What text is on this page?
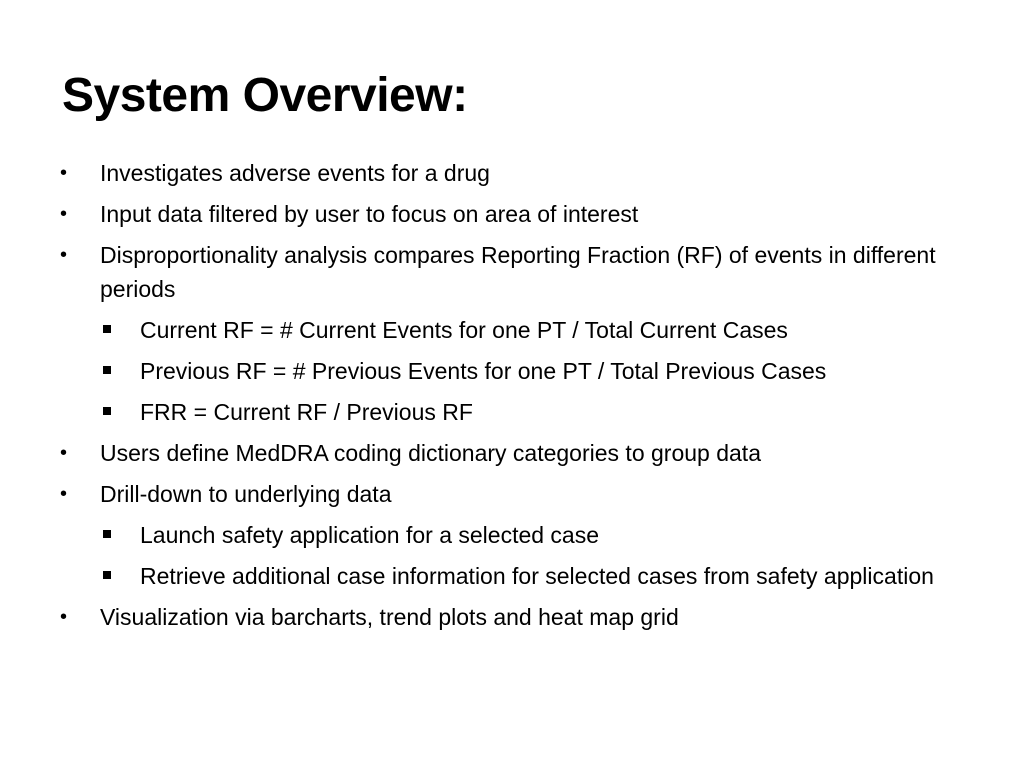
System Overview:
• Investigates adverse events for a drug
• Input data filtered by user to focus on area of interest
• Disproportionality analysis compares Reporting Fraction (RF) of events in different periods
Current RF = # Current Events for one PT / Total Current Cases
Previous RF = # Previous Events for one PT / Total Previous Cases
FRR = Current RF / Previous RF
• Users define MedDRA coding dictionary categories to group data
• Drill-down to underlying data
Launch safety application for a selected case
Retrieve additional case information for selected cases from safety application
• Visualization via barcharts, trend plots and heat map grid
